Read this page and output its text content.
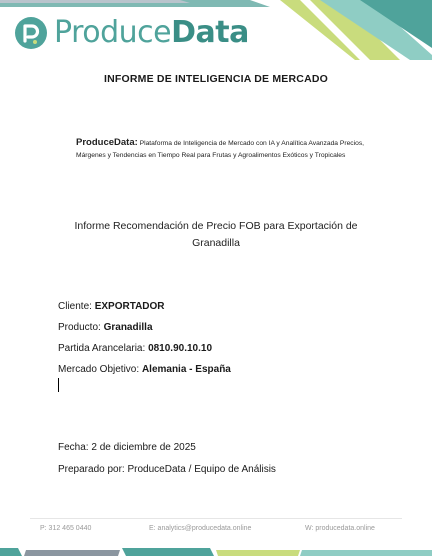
ProduceData
INFORME DE INTELIGENCIA DE MERCADO
ProduceData: Plataforma de Inteligencia de Mercado con IA y Analítica Avanzada Precios, Márgenes y Tendencias en Tiempo Real para Frutas y Agroalimentos Exóticos y Tropicales
Informe Recomendación de Precio FOB para Exportación de Granadilla
Cliente: EXPORTADOR
Producto: Granadilla
Partida Arancelaria: 0810.90.10.10
Mercado Objetivo: Alemania - España
Fecha: 2 de diciembre de 2025
Preparado por: ProduceData / Equipo de Análisis
P: 312 465 0440	E: analytics@producedata.online	W: producedata.online
